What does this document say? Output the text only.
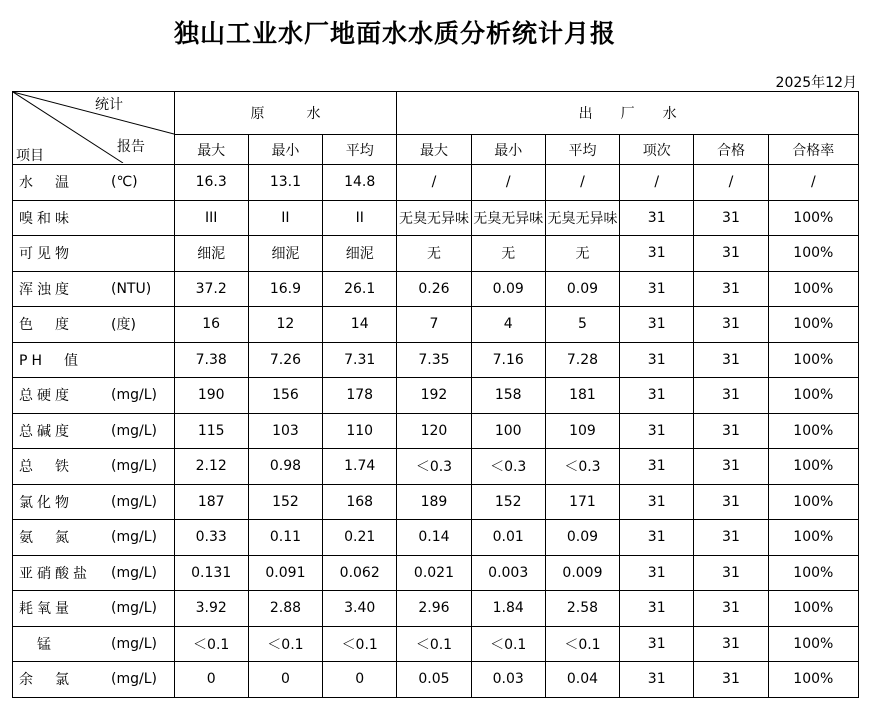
独山工业水厂地面水水质分析统计月报
2025年12月
统计
报告
项目	原　　　水			出　　厂　　水					
	最大	最小	平均	最大	最小	平均	项次	合格	合格率

水　温 (℃)	16.3	13.1	14.8	/	/	/	/	/	/

嗅和味	III	II	II	无臭无异味	无臭无异味	无臭无异味	31	31	100%

可见物	细泥	细泥	细泥	无	无	无	31	31	100%

浑浊度 (NTU)	37.2	16.9	26.1	0.26	0.09	0.09	31	31	100%

色　度 (度)	16	12	14	7	4	5	31	31	100%

PH　值	7.38	7.26	7.31	7.35	7.16	7.28	31	31	100%

总硬度 (mg/L)	190	156	178	192	158	181	31	31	100%

总碱度 (mg/L)	115	103	110	120	100	109	31	31	100%

总　铁 (mg/L)	2.12	0.98	1.74	＜0.3	＜0.3	＜0.3	31	31	100%

氯化物 (mg/L)	187	152	168	189	152	171	31	31	100%

氨　氮 (mg/L)	0.33	0.11	0.21	0.14	0.01	0.09	31	31	100%

亚硝酸盐 (mg/L)	0.131	0.091	0.062	0.021	0.003	0.009	31	31	100%

耗氧量 (mg/L)	3.92	2.88	3.40	2.96	1.84	2.58	31	31	100%

　锰 (mg/L)	＜0.1	＜0.1	＜0.1	＜0.1	＜0.1	＜0.1	31	31	100%

余　氯 (mg/L)	0	0	0	0.05	0.03	0.04	31	31	100%
